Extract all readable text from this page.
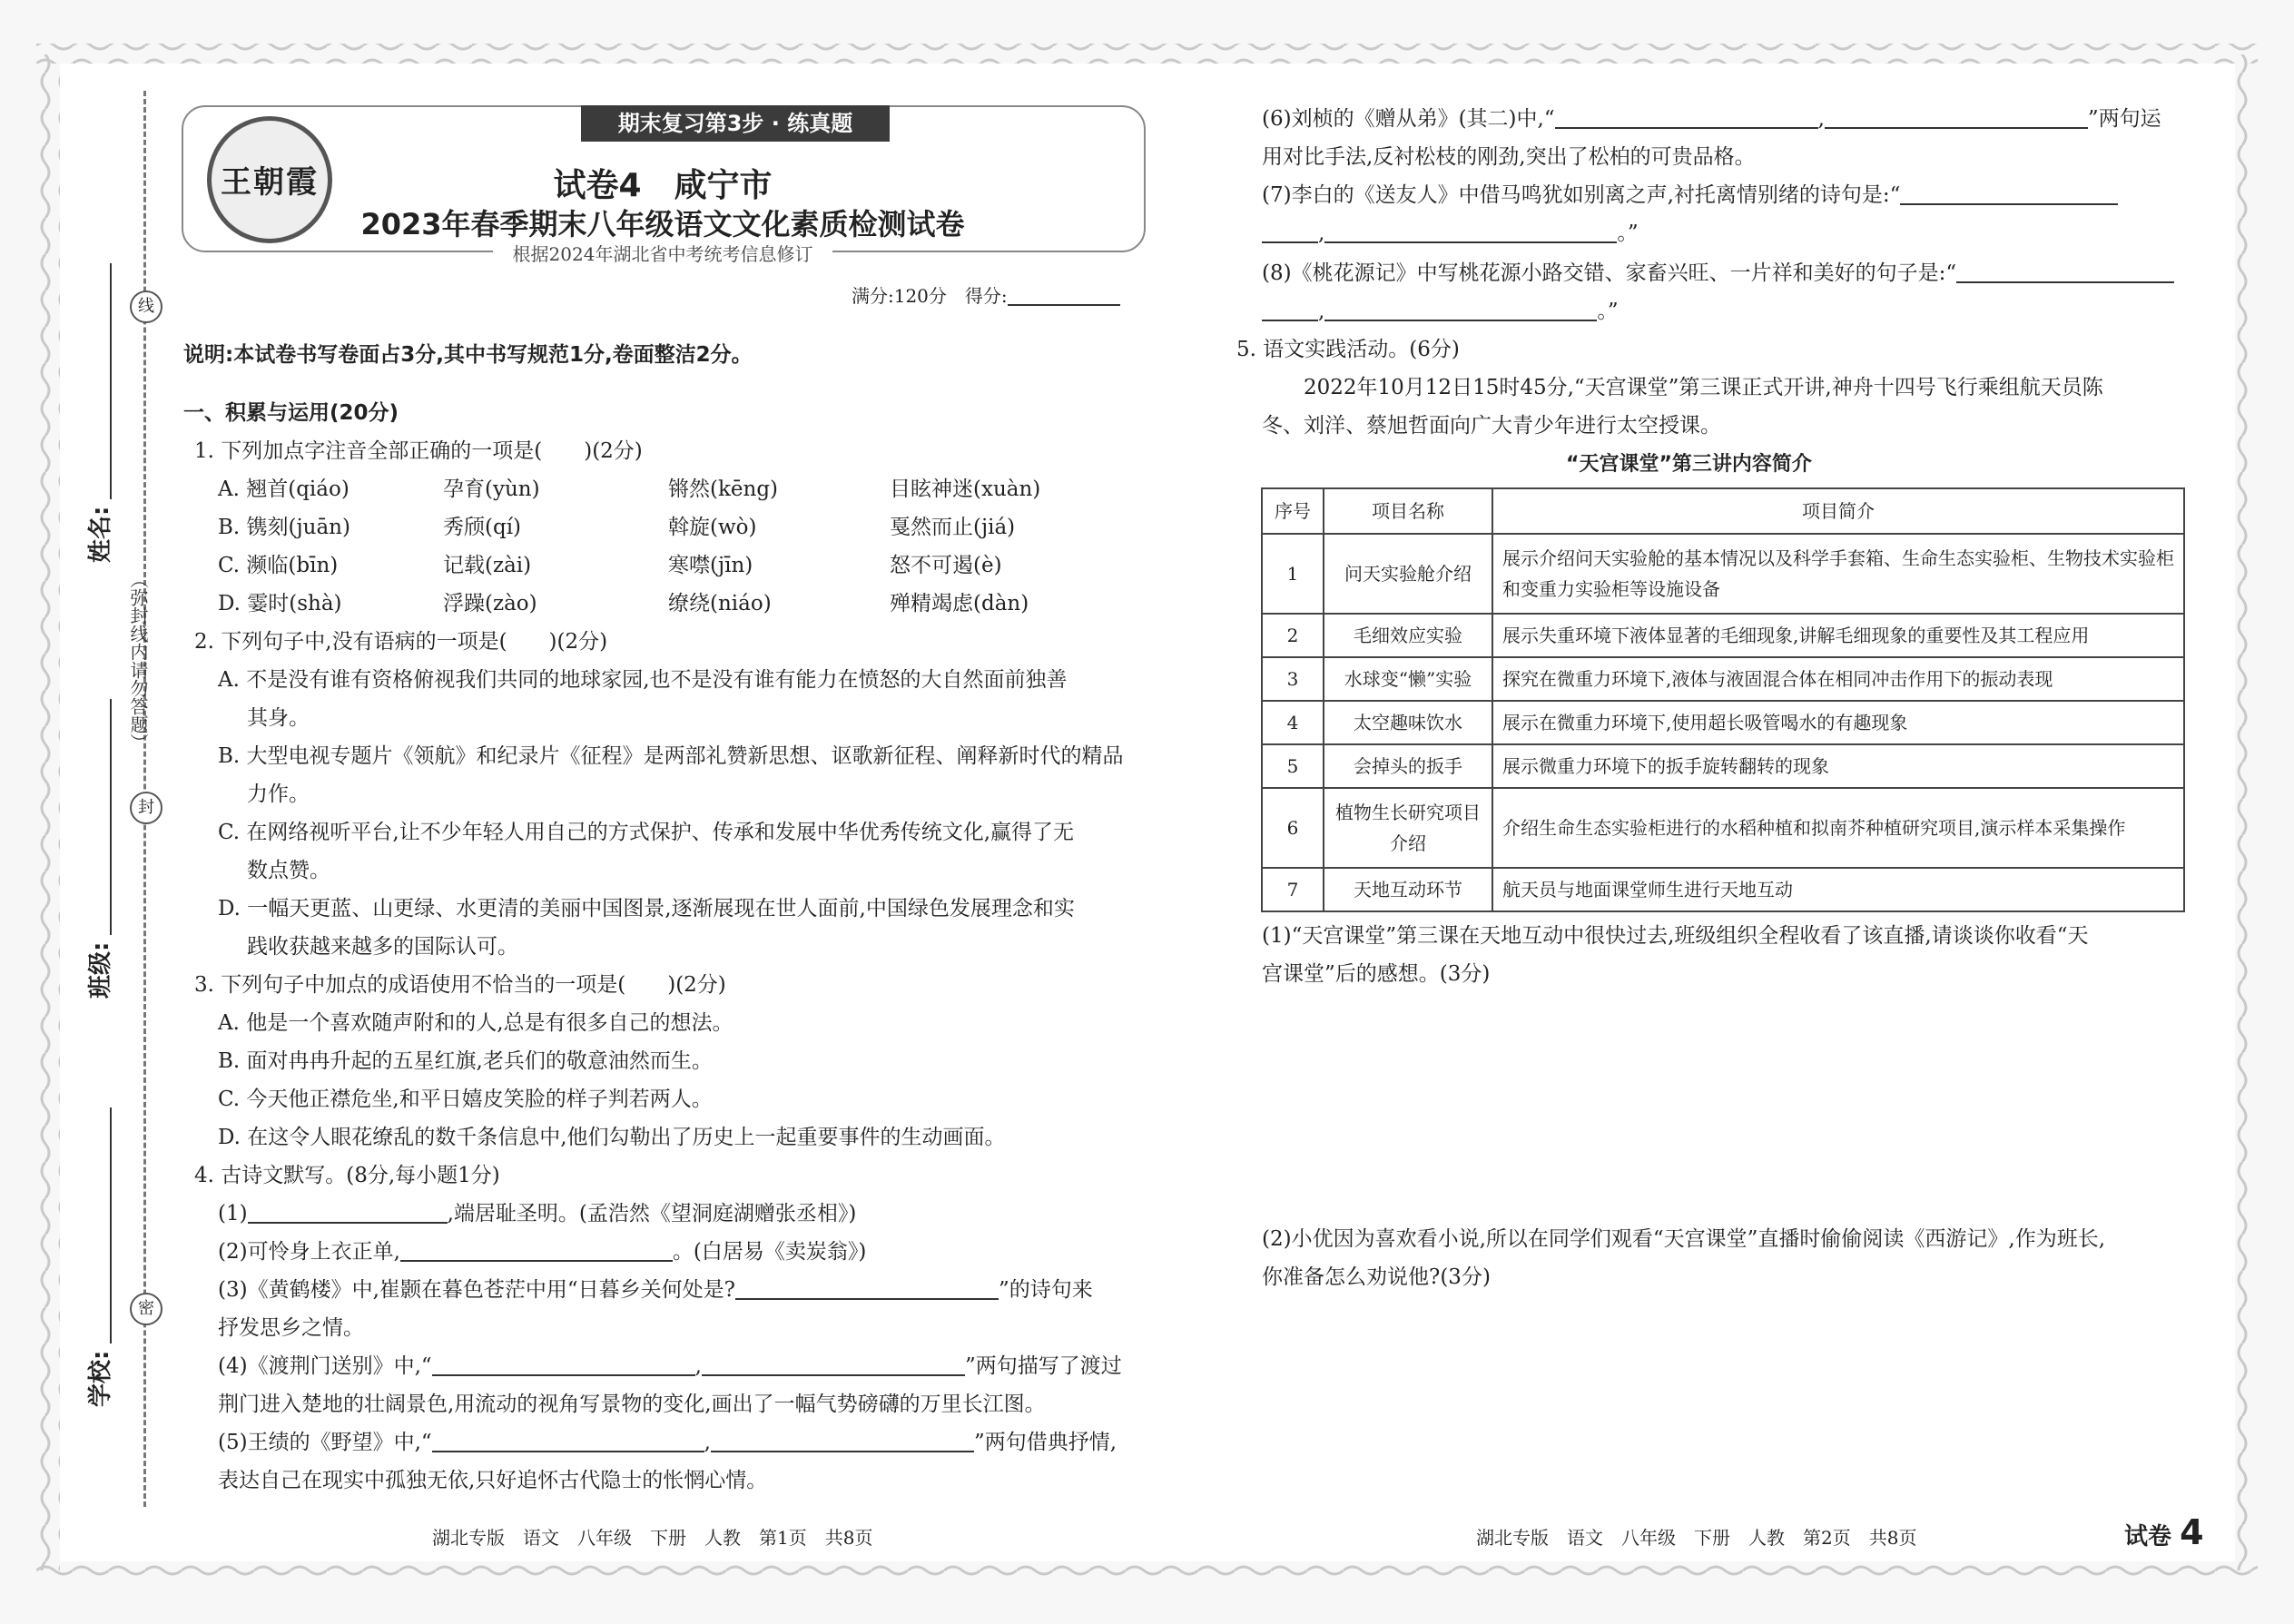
线
封
密
（弥封线内请勿答题）
姓名:
班级:
学校:
期末复习第3步 · 练真题
王朝霞	试卷4　咸宁市
2023年春季期末八年级语文文化素质检测试卷
根据2024年湖北省中考统考信息修订
满分:120分　得分:
说明:本试卷书写卷面占3分,其中书写规范1分,卷面整洁2分。
一、积累与运用(20分)
1. 下列加点字注音全部正确的一项是(　　)(2分)
A. 翘首(qiáo)	孕育(yùn)	锵然(kēng)	目眩神迷(xuàn)
B. 镌刻(juān)	秀颀(qí)	斡旋(wò)	戛然而止(jiá)
C. 濒临(bīn)	记载(zài)	寒噤(jīn)	怒不可遏(è)
D. 霎时(shà)	浮躁(zào)	缭绕(niáo)	殚精竭虑(dàn)
2. 下列句子中,没有语病的一项是(　　)(2分)
A. 不是没有谁有资格俯视我们共同的地球家园,也不是没有谁有能力在愤怒的大自然面前独善
其身。
B. 大型电视专题片《领航》和纪录片《征程》是两部礼赞新思想、讴歌新征程、阐释新时代的精品
力作。
C. 在网络视听平台,让不少年轻人用自己的方式保护、传承和发展中华优秀传统文化,赢得了无
数点赞。
D. 一幅天更蓝、山更绿、水更清的美丽中国图景,逐渐展现在世人面前,中国绿色发展理念和实
践收获越来越多的国际认可。
3. 下列句子中加点的成语使用不恰当的一项是(　　)(2分)
A. 他是一个喜欢随声附和的人,总是有很多自己的想法。
B. 面对冉冉升起的五星红旗,老兵们的敬意油然而生。
C. 今天他正襟危坐,和平日嬉皮笑脸的样子判若两人。
D. 在这令人眼花缭乱的数千条信息中,他们勾勒出了历史上一起重要事件的生动画面。
4. 古诗文默写。(8分,每小题1分)
(1)	,端居耻圣明。(孟浩然《望洞庭湖赠张丞相》)
(2)可怜身上衣正单,	。(白居易《卖炭翁》)
(3)《黄鹤楼》中,崔颢在暮色苍茫中用“日暮乡关何处是?	”的诗句来
抒发思乡之情。
(4)《渡荆门送别》中,“	,	”两句描写了渡过
荆门进入楚地的壮阔景色,用流动的视角写景物的变化,画出了一幅气势磅礴的万里长江图。
(5)王绩的《野望》中,“	,	”两句借典抒情,
表达自己在现实中孤独无依,只好追怀古代隐士的怅惘心情。
湖北专版　语文　八年级　下册　人教　第1页　共8页
(6)刘桢的《赠从弟》(其二)中,“	,	”两句运
用对比手法,反衬松枝的刚劲,突出了松柏的可贵品格。
(7)李白的《送友人》中借马鸣犹如别离之声,衬托离情别绪的诗句是:“
,	。”
(8)《桃花源记》中写桃花源小路交错、家畜兴旺、一片祥和美好的句子是:“
,	。”
5. 语文实践活动。(6分)
2022年10月12日15时45分,“天宫课堂”第三课正式开讲,神舟十四号飞行乘组航天员陈
冬、刘洋、蔡旭哲面向广大青少年进行太空授课。
“天宫课堂”第三讲内容简介
序号	项目名称	项目简介
1	问天实验舱介绍	展示介绍问天实验舱的基本情况以及科学手套箱、生命生态实验柜、生物技术实验柜和变重力实验柜等设施设备
2	毛细效应实验	展示失重环境下液体显著的毛细现象,讲解毛细现象的重要性及其工程应用
3	水球变“懒”实验	探究在微重力环境下,液体与液固混合体在相同冲击作用下的振动表现
4	太空趣味饮水	展示在微重力环境下,使用超长吸管喝水的有趣现象
5	会掉头的扳手	展示微重力环境下的扳手旋转翻转的现象
6	植物生长研究项目介绍	介绍生命生态实验柜进行的水稻种植和拟南芥种植研究项目,演示样本采集操作
7	天地互动环节	航天员与地面课堂师生进行天地互动
(1)“天宫课堂”第三课在天地互动中很快过去,班级组织全程收看了该直播,请谈谈你收看“天
宫课堂”后的感想。(3分)
(2)小优因为喜欢看小说,所以在同学们观看“天宫课堂”直播时偷偷阅读《西游记》,作为班长,
你准备怎么劝说他?(3分)
湖北专版　语文　八年级　下册　人教　第2页　共8页	试卷 4
